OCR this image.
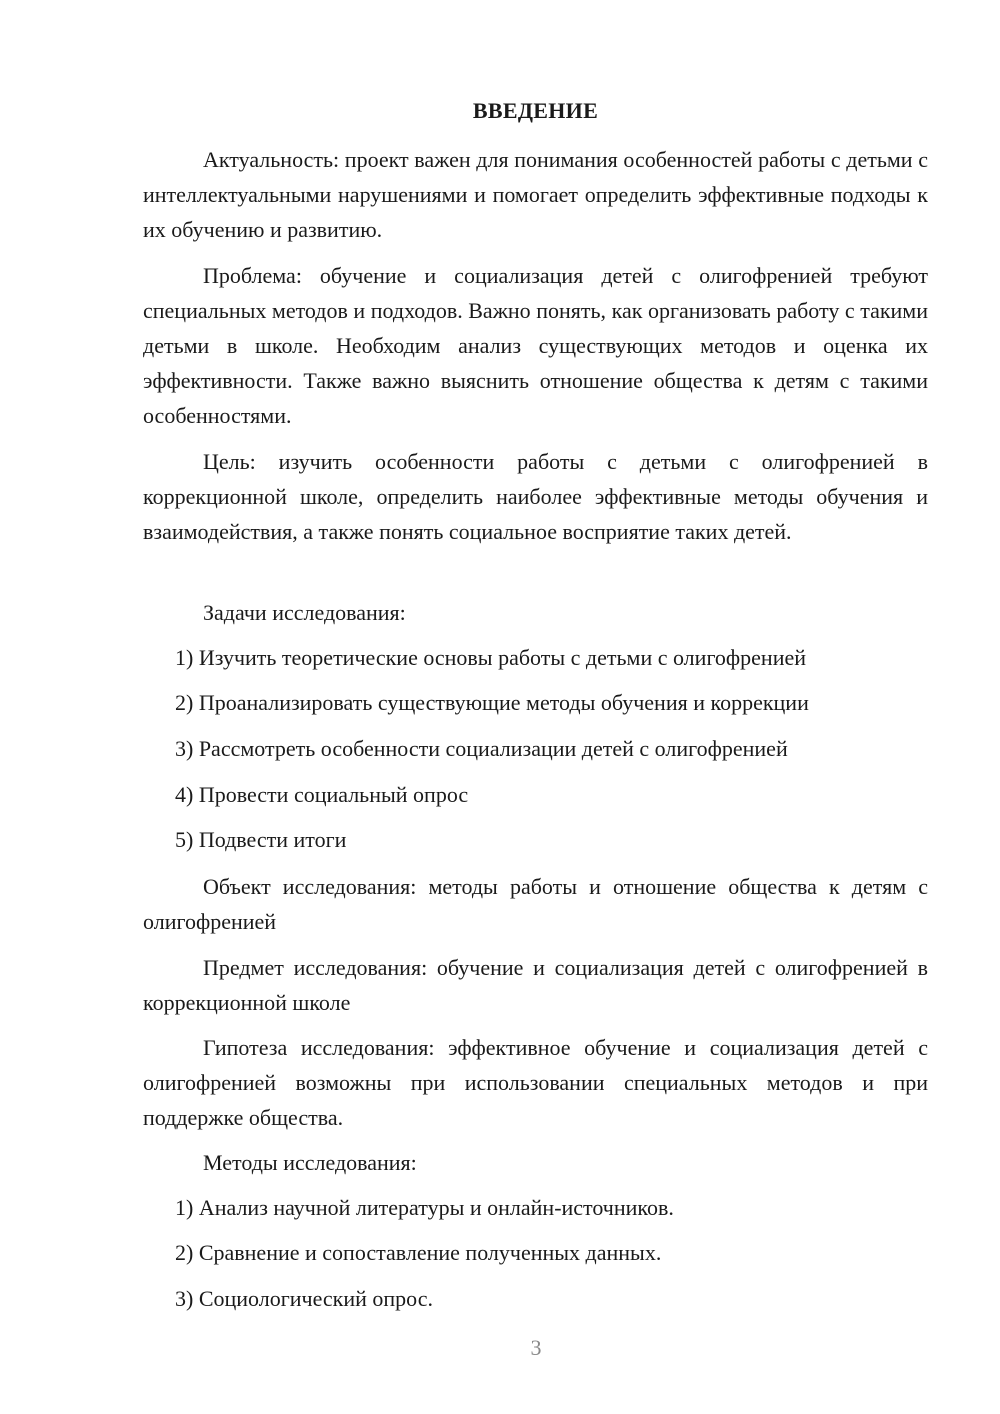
ВВЕДЕНИЕ
Актуальность: проект важен для понимания особенностей работы с детьми с интеллектуальными нарушениями и помогает определить эффективные подходы к их обучению и развитию.
Проблема: обучение и социализация детей с олигофренией требуют специальных методов и подходов. Важно понять, как организовать работу с такими детьми в школе. Необходим анализ существующих методов и оценка их эффективности. Также важно выяснить отношение общества к детям с такими особенностями.
Цель: изучить особенности работы с детьми с олигофренией в коррекционной школе, определить наиболее эффективные методы обучения и взаимодействия, а также понять социальное восприятие таких детей.
Задачи исследования:
1) Изучить теоретические основы работы с детьми с олигофренией
2) Проанализировать существующие методы обучения и коррекции
3) Рассмотреть особенности социализации детей с олигофренией
4) Провести социальный опрос
5) Подвести итоги
Объект исследования: методы работы и отношение общества к детям с олигофренией
Предмет исследования: обучение и социализация детей с олигофренией в коррекционной школе
Гипотеза исследования: эффективное обучение и социализация детей с олигофренией возможны при использовании специальных методов и при поддержке общества.
Методы исследования:
1) Анализ научной литературы и онлайн-источников.
2) Сравнение и сопоставление полученных данных.
3) Социологический опрос.
3
